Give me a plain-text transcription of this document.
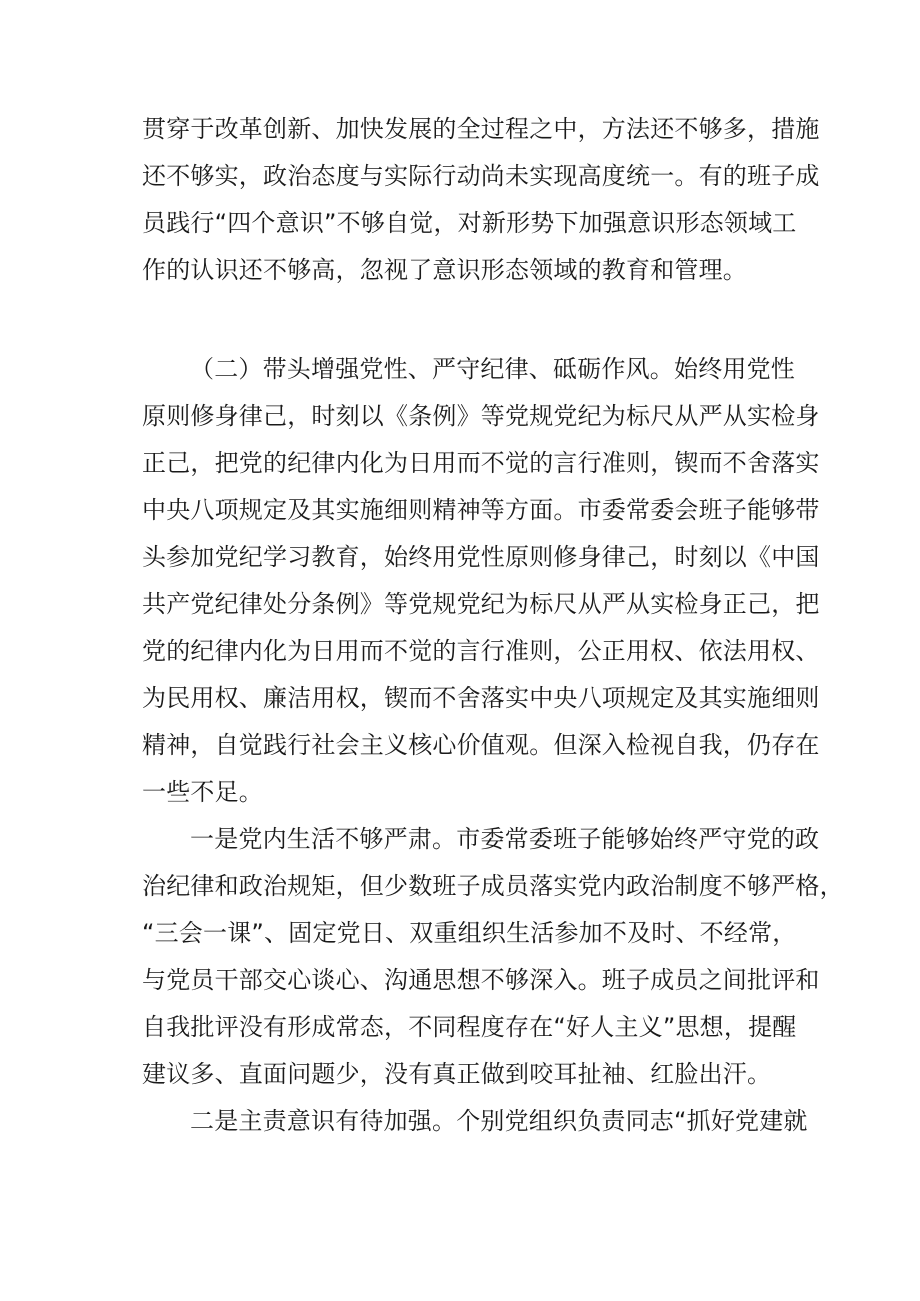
贯穿于改革创新、加快发展的全过程之中，方法还不够多，措施
还不够实，政治态度与实际行动尚未实现高度统一。有的班子成
员践行“四个意识”不够自觉，对新形势下加强意识形态领域工
作的认识还不够高，忽视了意识形态领域的教育和管理。
（二）带头增强党性、严守纪律、砥砺作风。始终用党性
原则修身律己，时刻以《条例》等党规党纪为标尺从严从实检身
正己，把党的纪律内化为日用而不觉的言行准则，锲而不舍落实
中央八项规定及其实施细则精神等方面。市委常委会班子能够带
头参加党纪学习教育，始终用党性原则修身律己，时刻以《中国
共产党纪律处分条例》等党规党纪为标尺从严从实检身正己，把
党的纪律内化为日用而不觉的言行准则，公正用权、依法用权、
为民用权、廉洁用权，锲而不舍落实中央八项规定及其实施细则
精神，自觉践行社会主义核心价值观。但深入检视自我，仍存在
一些不足。
一是党内生活不够严肃。市委常委班子能够始终严守党的政
治纪律和政治规矩，但少数班子成员落实党内政治制度不够严格，
“三会一课”、固定党日、双重组织生活参加不及时、不经常，
与党员干部交心谈心、沟通思想不够深入。班子成员之间批评和
自我批评没有形成常态，不同程度存在“好人主义”思想，提醒
建议多、直面问题少，没有真正做到咬耳扯袖、红脸出汗。
二是主责意识有待加强。个别党组织负责同志“抓好党建就
